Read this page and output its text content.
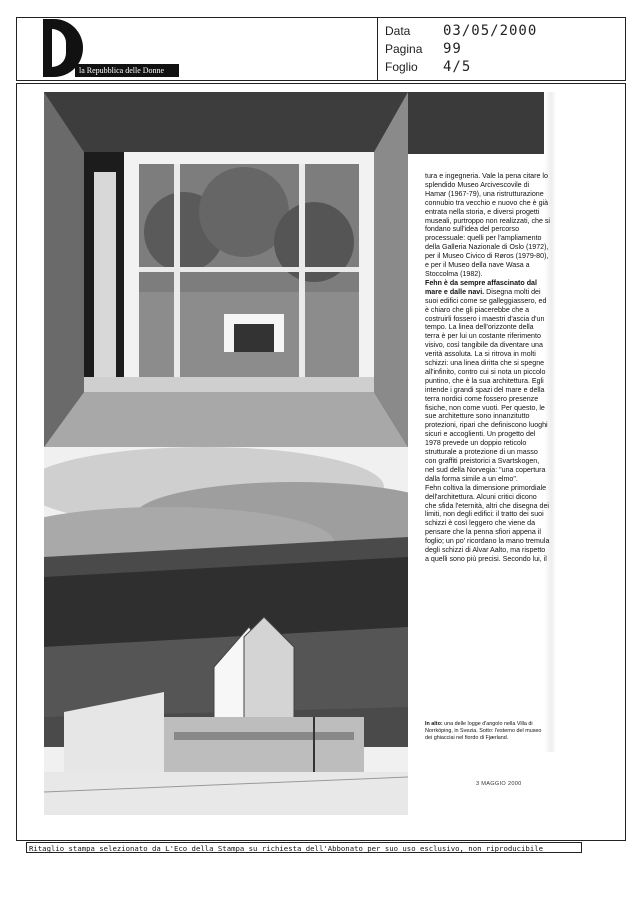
la Repubblica delle Donne
Data	03/05/2000
Pagina	99
Foglio	4/5

tura e ingegneria. Vale la pena citare lo splendido Museo Arcivescovile di Hamar (1967-79), una ristrutturazione connubio tra vecchio e nuovo che è già entrata nella storia, e diversi progetti museali, purtroppo non realizzati, che si fondano sull'idea del percorso processuale: quelli per l'ampliamento della Galleria Nazionale di Oslo (1972), per il Museo Civico di Røros (1979-80), e per il Museo della nave Wasa a Stoccolma (1982).

Fehn è da sempre affascinato dal mare e dalle navi. Disegna molti dei suoi edifici come se galleggiassero, ed è chiaro che gli piacerebbe che a costruirli fossero i maestri d'ascia d'un tempo. La linea dell'orizzonte della terra è per lui un costante riferimento visivo, così tangibile da diventare una verità assoluta. La si ritrova in molti schizzi: una linea diritta che si spegne all'infinito, contro cui si nota un piccolo puntino, che è la sua architettura. Egli intende i grandi spazi del mare e della terra nordici come fossero presenze fisiche, non come vuoti. Per questo, le sue architetture sono innanzitutto protezioni, ripari che definiscono luoghi sicuri e accoglienti. Un progetto del 1978 prevede un doppio reticolo strutturale a protezione di un masso con graffiti preistorici a Svartskogen, nel sud della Norvegia: "una copertura dalla forma simile a un elmo".

Fehn coltiva la dimensione primordiale dell'architettura. Alcuni critici dicono che sfida l'eternità, altri che disegna dei limiti, non degli edifici: il tratto dei suoi schizzi è così leggero che viene da pensare che la penna sfiori appena il foglio; un po' ricordano la mano tremula degli schizzi di Alvar Aalto, ma rispetto a quelli sono più precisi. Secondo lui, il

In alto: una delle logge d'angolo nella Villa di Norrköping, in Svezia. Sotto: l'esterno del museo dei ghiacciai nel fiordo di Fjærland.
3 MAGGIO 2000
Ritaglio stampa selezionato da L'Eco della Stampa su richiesta dell'Abbonato per suo uso esclusivo, non riproducibile
